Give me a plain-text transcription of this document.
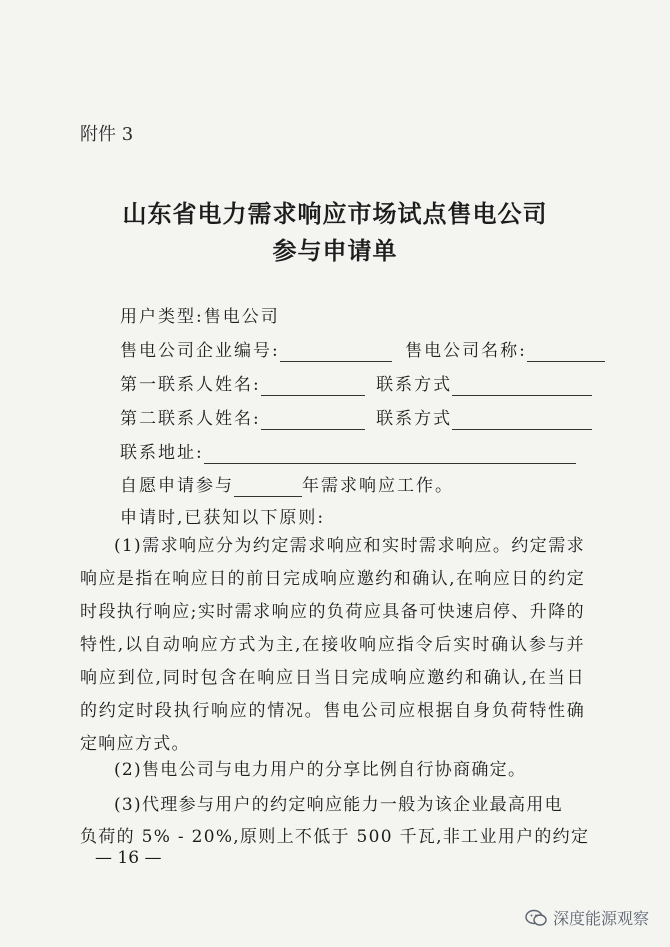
附件 3
山东省电力需求响应市场试点售电公司
参与申请单
用户类型:售电公司
售电公司企业编号:	售电公司名称:
第一联系人姓名:	联系方式
第二联系人姓名:	联系方式
联系地址:
自愿申请参与	年需求响应工作。
申请时,已获知以下原则:
(1)需求响应分为约定需求响应和实时需求响应。约定需求响应是指在响应日的前日完成响应邀约和确认,在响应日的约定时段执行响应;实时需求响应的负荷应具备可快速启停、升降的特性,以自动响应方式为主,在接收响应指令后实时确认参与并响应到位,同时包含在响应日当日完成响应邀约和确认,在当日的约定时段执行响应的情况。售电公司应根据自身负荷特性确定响应方式。
(2)售电公司与电力用户的分享比例自行协商确定。
(3)代理参与用户的约定响应能力一般为该企业最高用电
负荷的 5% - 20%,原则上不低于 500 千瓦,非工业用户的约定
— 16 —
深度能源观察
